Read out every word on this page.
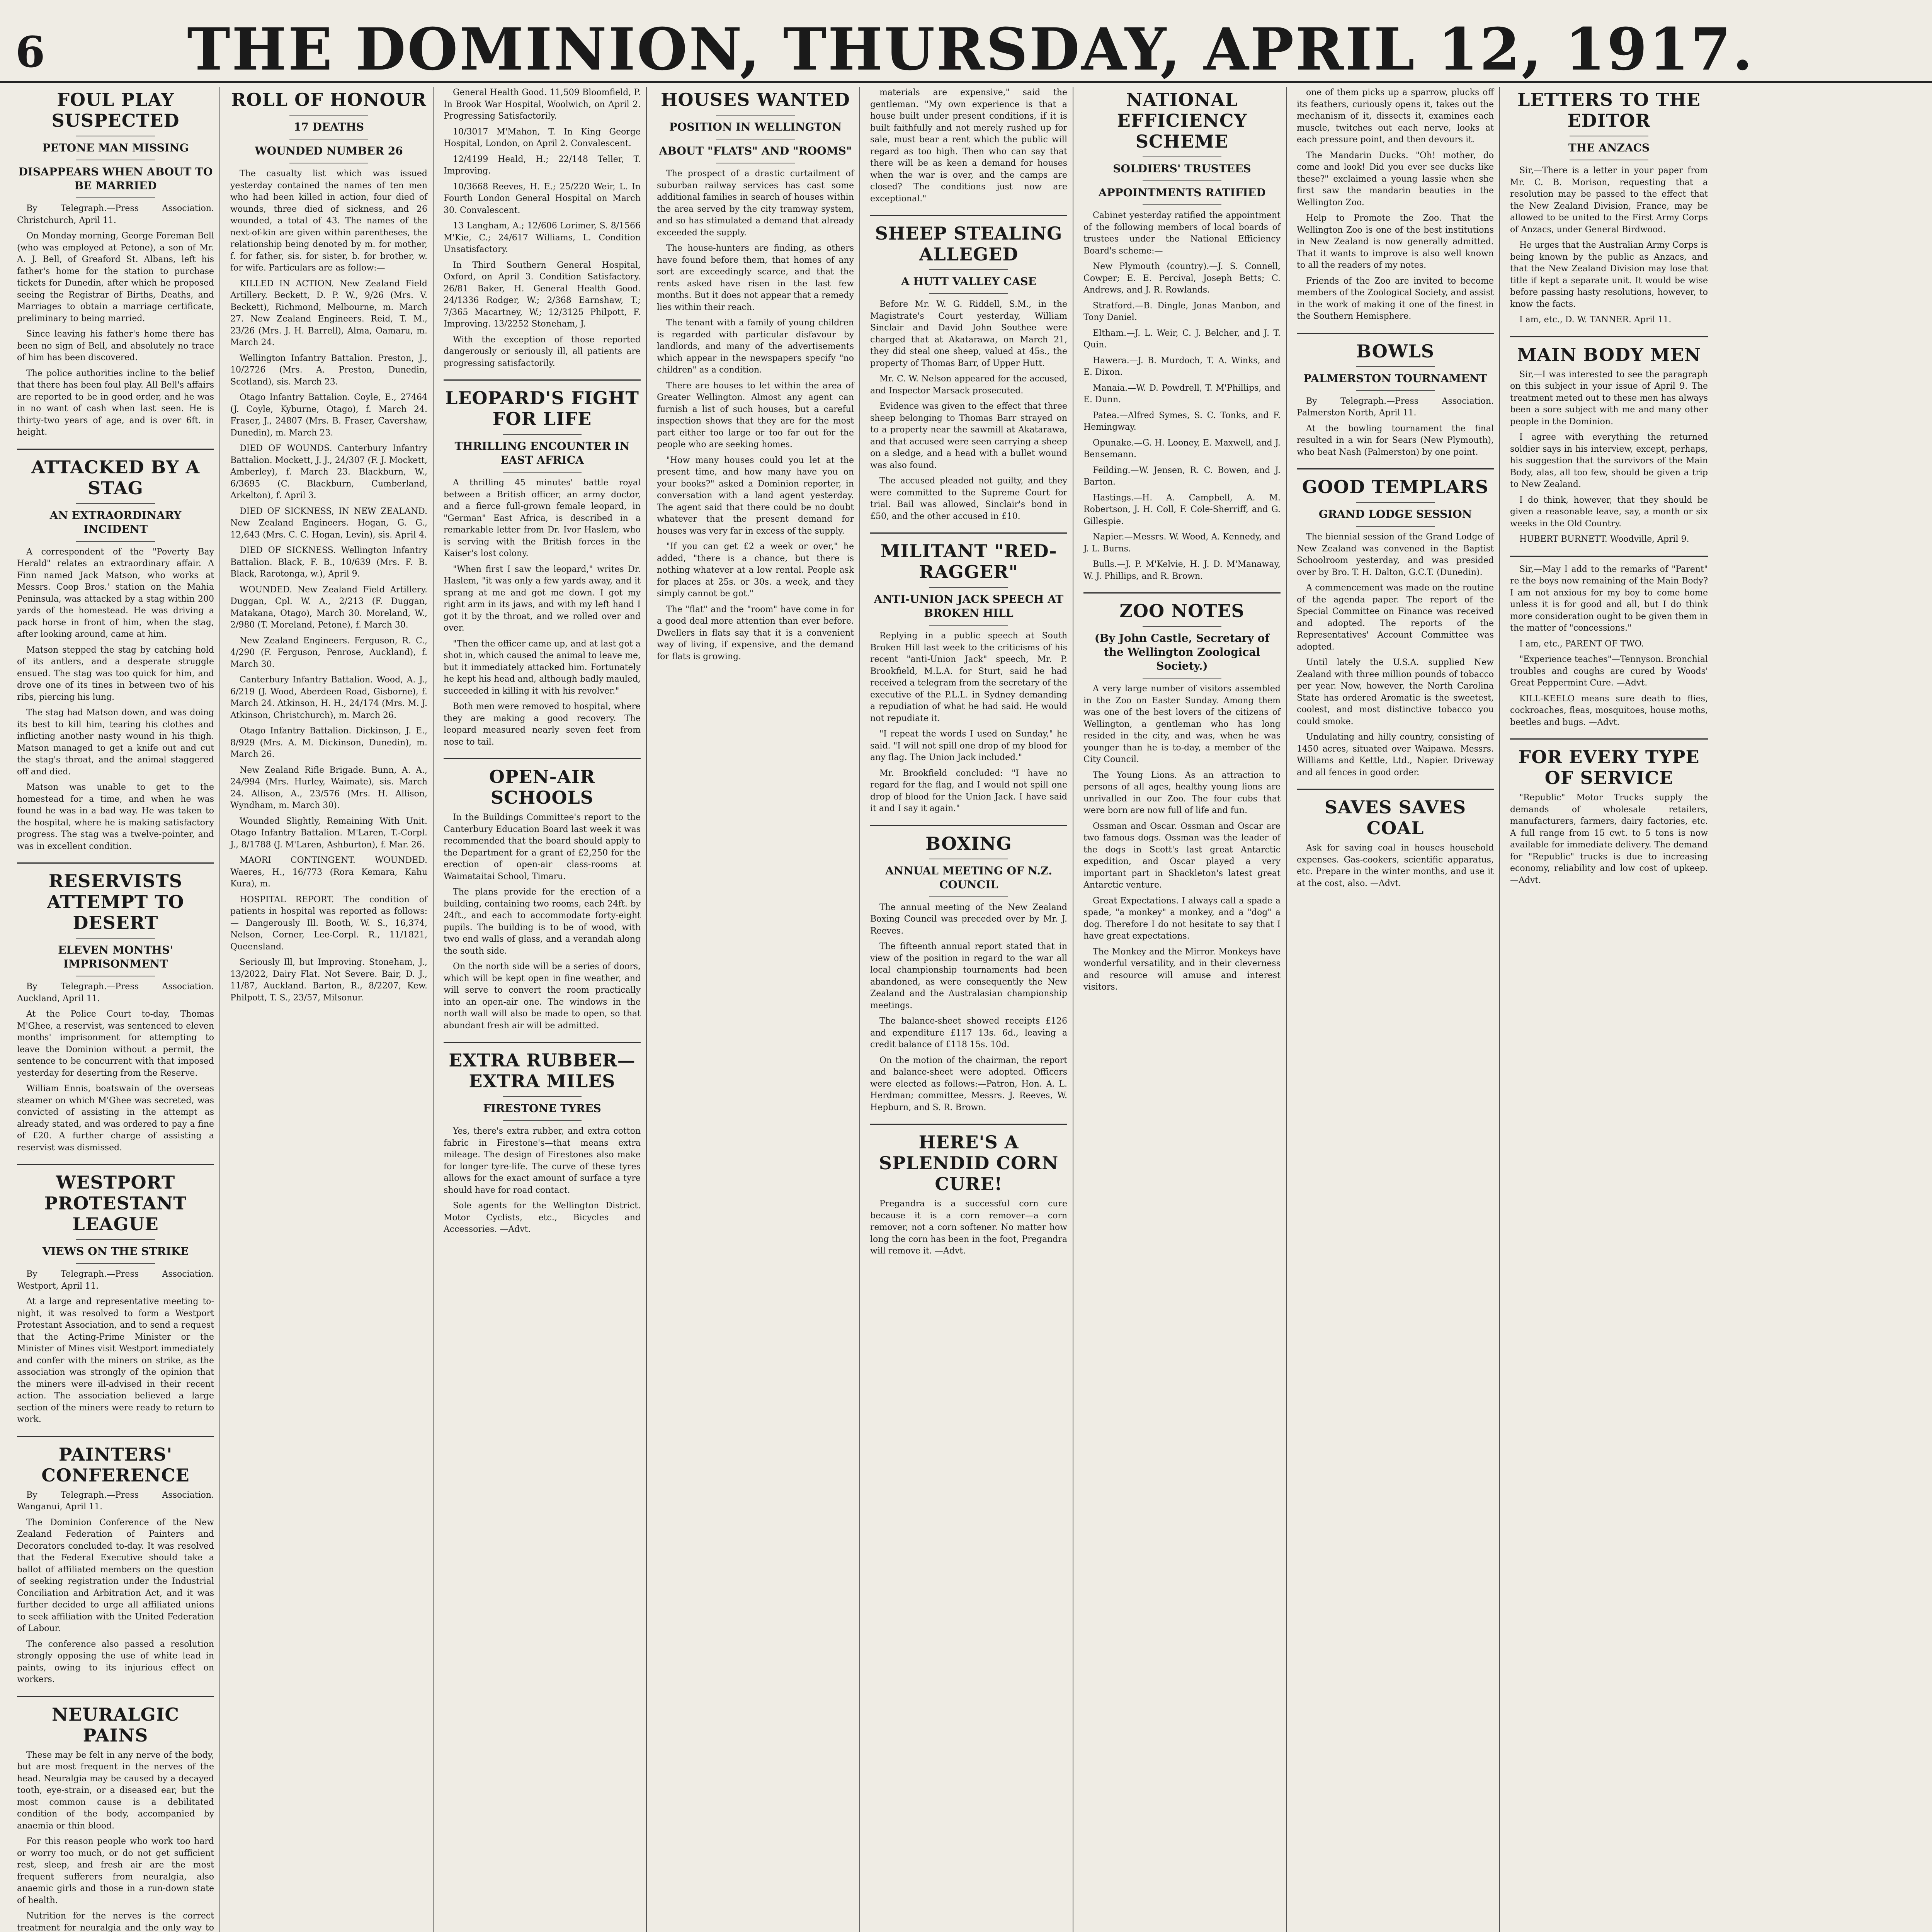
6	THE DOMINION, THURSDAY, APRIL 12, 1917.
FOUL PLAY SUSPECTED
PETONE MAN MISSING
DISAPPEARS WHEN ABOUT TO BE MARRIED

By Telegraph.—Press Association. Christchurch, April 11.

On Monday morning, George Foreman Bell (who was employed at Petone), a son of Mr. A. J. Bell, of Greaford St. Albans, left his father's home for the station to purchase tickets for Dunedin, after which he proposed seeing the Registrar of Births, Deaths, and Marriages to obtain a marriage certificate, preliminary to being married.

Since leaving his father's home there has been no sign of Bell, and absolutely no trace of him has been discovered.

The police authorities incline to the belief that there has been foul play. All Bell's affairs are reported to be in good order, and he was in no want of cash when last seen. He is thirty-two years of age, and is over 6ft. in height.

ATTACKED BY A STAG
AN EXTRAORDINARY INCIDENT

A correspondent of the "Poverty Bay Herald" relates an extraordinary affair. A Finn named Jack Matson, who works at Messrs. Coop Bros.' station on the Mahia Peninsula, was attacked by a stag within 200 yards of the homestead. He was driving a pack horse in front of him, when the stag, after looking around, came at him.

Matson stepped the stag by catching hold of its antlers, and a desperate struggle ensued. The stag was too quick for him, and drove one of its tines in between two of his ribs, piercing his lung.

The stag had Matson down, and was doing its best to kill him, tearing his clothes and inflicting another nasty wound in his thigh. Matson managed to get a knife out and cut the stag's throat, and the animal staggered off and died.

Matson was unable to get to the homestead for a time, and when he was found he was in a bad way. He was taken to the hospital, where he is making satisfactory progress. The stag was a twelve-pointer, and was in excellent condition.

RESERVISTS ATTEMPT TO DESERT
ELEVEN MONTHS' IMPRISONMENT

By Telegraph.—Press Association. Auckland, April 11.

At the Police Court to-day, Thomas M'Ghee, a reservist, was sentenced to eleven months' imprisonment for attempting to leave the Dominion without a permit, the sentence to be concurrent with that imposed yesterday for deserting from the Reserve.

William Ennis, boatswain of the overseas steamer on which M'Ghee was secreted, was convicted of assisting in the attempt as already stated, and was ordered to pay a fine of £20. A further charge of assisting a reservist was dismissed.

WESTPORT PROTESTANT LEAGUE
VIEWS ON THE STRIKE

By Telegraph.—Press Association. Westport, April 11.

At a large and representative meeting to-night, it was resolved to form a Westport Protestant Association, and to send a request that the Acting-Prime Minister or the Minister of Mines visit Westport immediately and confer with the miners on strike, as the association was strongly of the opinion that the miners were ill-advised in their recent action. The association believed a large section of the miners were ready to return to work.

PAINTERS' CONFERENCE

By Telegraph.—Press Association. Wanganui, April 11.

The Dominion Conference of the New Zealand Federation of Painters and Decorators concluded to-day. It was resolved that the Federal Executive should take a ballot of affiliated members on the question of seeking registration under the Industrial Conciliation and Arbitration Act, and it was further decided to urge all affiliated unions to seek affiliation with the United Federation of Labour.

The conference also passed a resolution strongly opposing the use of white lead in paints, owing to its injurious effect on workers.

NEURALGIC PAINS

These may be felt in any nerve of the body, but are most frequent in the nerves of the head. Neuralgia may be caused by a decayed tooth, eye-strain, or a diseased ear, but the most common cause is a debilitated condition of the body, accompanied by anaemia or thin blood.

For this reason people who work too hard or worry too much, or do not get sufficient rest, sleep, and fresh air are the most frequent sufferers from neuralgia, also anaemic girls and those in a run-down state of health.

Nutrition for the nerves is the correct treatment for neuralgia and the only way to

ROLL OF HONOUR
17 DEATHS
WOUNDED NUMBER 26

The casualty list which was issued yesterday contained the names of ten men who had been killed in action, four died of wounds, three died of sickness, and 26 wounded, a total of 43. The names of the next-of-kin are given within parentheses, the relationship being denoted by m. for mother, f. for father, sis. for sister, b. for brother, w. for wife. Particulars are as follow:—

KILLED IN ACTION. New Zealand Field Artillery. Beckett, D. P. W., 9/26 (Mrs. V. Beckett), Richmond, Melbourne, m. March 27. New Zealand Engineers. Reid, T. M., 23/26 (Mrs. J. H. Barrell), Alma, Oamaru, m. March 24.

Wellington Infantry Battalion. Preston, J., 10/2726 (Mrs. A. Preston, Dunedin, Scotland), sis. March 23.

Otago Infantry Battalion. Coyle, E., 27464 (J. Coyle, Kyburne, Otago), f. March 24. Fraser, J., 24807 (Mrs. B. Fraser, Cavershaw, Dunedin), m. March 23.

DIED OF WOUNDS. Canterbury Infantry Battalion. Mockett, J. J., 24/307 (F. J. Mockett, Amberley), f. March 23. Blackburn, W., 6/3695 (C. Blackburn, Cumberland, Arkelton), f. April 3.

DIED OF SICKNESS, IN NEW ZEALAND. New Zealand Engineers. Hogan, G. G., 12,643 (Mrs. C. C. Hogan, Levin), sis. April 4.

DIED OF SICKNESS. Wellington Infantry Battalion. Black, F. B., 10/639 (Mrs. F. B. Black, Rarotonga, w.), April 9.

WOUNDED. New Zealand Field Artillery. Duggan, Cpl. W. A., 2/213 (F. Duggan, Matakana, Otago), March 30. Moreland, W., 2/980 (T. Moreland, Petone), f. March 30.

New Zealand Engineers. Ferguson, R. C., 4/290 (F. Ferguson, Penrose, Auckland), f. March 30.

Canterbury Infantry Battalion. Wood, A. J., 6/219 (J. Wood, Aberdeen Road, Gisborne), f. March 24. Atkinson, H. H., 24/174 (Mrs. M. J. Atkinson, Christchurch), m. March 26.

Otago Infantry Battalion. Dickinson, J. E., 8/929 (Mrs. A. M. Dickinson, Dunedin), m. March 26.

New Zealand Rifle Brigade. Bunn, A. A., 24/994 (Mrs. Hurley, Waimate), sis. March 24. Allison, A., 23/576 (Mrs. H. Allison, Wyndham, m. March 30).

Wounded Slightly, Remaining With Unit. Otago Infantry Battalion. M'Laren, T.-Corpl. J., 8/1788 (J. M'Laren, Ashburton), f. Mar. 26.

MAORI CONTINGENT. WOUNDED. Waeres, H., 16/773 (Rora Kemara, Kahu Kura), m.

HOSPITAL REPORT. The condition of patients in hospital was reported as follows:— Dangerously Ill. Booth, W. S., 16,374, Nelson, Corner, Lee-Corpl. R., 11/1821, Queensland.

Seriously Ill, but Improving. Stoneham, J., 13/2022, Dairy Flat. Not Severe. Bair, D. J., 11/87, Auckland. Barton, R., 8/2207, Kew. Philpott, T. S., 23/57, Milsonur.

General Health Good. 11,509 Bloomfield, P. In Brook War Hospital, Woolwich, on April 2. Progressing Satisfactorily.

10/3017 M'Mahon, T. In King George Hospital, London, on April 2. Convalescent.

12/4199 Heald, H.; 22/148 Teller, T. Improving.

10/3668 Reeves, H. E.; 25/220 Weir, L. In Fourth London General Hospital on March 30. Convalescent.

13 Langham, A.; 12/606 Lorimer, S. 8/1566 M'Kie, C.; 24/617 Williams, L. Condition Unsatisfactory.

In Third Southern General Hospital, Oxford, on April 3. Condition Satisfactory. 26/81 Baker, H. General Health Good. 24/1336 Rodger, W.; 2/368 Earnshaw, T.; 7/365 Macartney, W.; 12/3125 Philpott, F. Improving. 13/2252 Stoneham, J.

With the exception of those reported dangerously or seriously ill, all patients are progressing satisfactorily.

LEOPARD'S FIGHT FOR LIFE
THRILLING ENCOUNTER IN EAST AFRICA

A thrilling 45 minutes' battle royal between a British officer, an army doctor, and a fierce full-grown female leopard, in "German" East Africa, is described in a remarkable letter from Dr. Ivor Haslem, who is serving with the British forces in the Kaiser's lost colony.

"When first I saw the leopard," writes Dr. Haslem, "it was only a few yards away, and it sprang at me and got me down. I got my right arm in its jaws, and with my left hand I got it by the throat, and we rolled over and over.

"Then the officer came up, and at last got a shot in, which caused the animal to leave me, but it immediately attacked him. Fortunately he kept his head and, although badly mauled, succeeded in killing it with his revolver."

Both men were removed to hospital, where they are making a good recovery. The leopard measured nearly seven feet from nose to tail.

OPEN-AIR SCHOOLS

In the Buildings Committee's report to the Canterbury Education Board last week it was recommended that the board should apply to the Department for a grant of £2,250 for the erection of open-air class-rooms at Waimataitai School, Timaru.

The plans provide for the erection of a building, containing two rooms, each 24ft. by 24ft., and each to accommodate forty-eight pupils. The building is to be of wood, with two end walls of glass, and a verandah along the south side.

On the north side will be a series of doors, which will be kept open in fine weather, and will serve to convert the room practically into an open-air one. The windows in the north wall will also be made to open, so that abundant fresh air will be admitted.

EXTRA RUBBER—EXTRA MILES
FIRESTONE TYRES

Yes, there's extra rubber, and extra cotton fabric in Firestone's—that means extra mileage. The design of Firestones also make for longer tyre-life. The curve of these tyres allows for the exact amount of surface a tyre should have for road contact.

Sole agents for the Wellington District. Motor Cyclists, etc., Bicycles and Accessories. —Advt.

HOUSES WANTED
POSITION IN WELLINGTON
ABOUT "FLATS" AND "ROOMS"

The prospect of a drastic curtailment of suburban railway services has cast some additional families in search of houses within the area served by the city tramway system, and so has stimulated a demand that already exceeded the supply.

The house-hunters are finding, as others have found before them, that homes of any sort are exceedingly scarce, and that the rents asked have risen in the last few months. But it does not appear that a remedy lies within their reach.

The tenant with a family of young children is regarded with particular disfavour by landlords, and many of the advertisements which appear in the newspapers specify "no children" as a condition.

There are houses to let within the area of Greater Wellington. Almost any agent can furnish a list of such houses, but a careful inspection shows that they are for the most part either too large or too far out for the people who are seeking homes.

"How many houses could you let at the present time, and how many have you on your books?" asked a Dominion reporter, in conversation with a land agent yesterday. The agent said that there could be no doubt whatever that the present demand for houses was very far in excess of the supply.

"If you can get £2 a week or over," he added, "there is a chance, but there is nothing whatever at a low rental. People ask for places at 25s. or 30s. a week, and they simply cannot be got."

The "flat" and the "room" have come in for a good deal more attention than ever before. Dwellers in flats say that it is a convenient way of living, if expensive, and the demand for flats is growing.

materials are expensive," said the gentleman. "My own experience is that a house built under present conditions, if it is built faithfully and not merely rushed up for sale, must bear a rent which the public will regard as too high. Then who can say that there will be as keen a demand for houses when the war is over, and the camps are closed? The conditions just now are exceptional."

SHEEP STEALING ALLEGED
A HUTT VALLEY CASE

Before Mr. W. G. Riddell, S.M., in the Magistrate's Court yesterday, William Sinclair and David John Southee were charged that at Akatarawa, on March 21, they did steal one sheep, valued at 45s., the property of Thomas Barr, of Upper Hutt.

Mr. C. W. Nelson appeared for the accused, and Inspector Marsack prosecuted.

Evidence was given to the effect that three sheep belonging to Thomas Barr strayed on to a property near the sawmill at Akatarawa, and that accused were seen carrying a sheep on a sledge, and a head with a bullet wound was also found.

The accused pleaded not guilty, and they were committed to the Supreme Court for trial. Bail was allowed, Sinclair's bond in £50, and the other accused in £10.

MILITANT "RED-RAGGER"
ANTI-UNION JACK SPEECH AT BROKEN HILL

Replying in a public speech at South Broken Hill last week to the criticisms of his recent "anti-Union Jack" speech, Mr. P. Brookfield, M.L.A. for Sturt, said he had received a telegram from the secretary of the executive of the P.L.L. in Sydney demanding a repudiation of what he had said. He would not repudiate it.

"I repeat the words I used on Sunday," he said. "I will not spill one drop of my blood for any flag. The Union Jack included."

Mr. Brookfield concluded: "I have no regard for the flag, and I would not spill one drop of blood for the Union Jack. I have said it and I say it again."

BOXING
ANNUAL MEETING OF N.Z. COUNCIL

The annual meeting of the New Zealand Boxing Council was preceded over by Mr. J. Reeves.

The fifteenth annual report stated that in view of the position in regard to the war all local championship tournaments had been abandoned, as were consequently the New Zealand and the Australasian championship meetings.

The balance-sheet showed receipts £126 and expenditure £117 13s. 6d., leaving a credit balance of £118 15s. 10d.

On the motion of the chairman, the report and balance-sheet were adopted. Officers were elected as follows:—Patron, Hon. A. L. Herdman; committee, Messrs. J. Reeves, W. Hepburn, and S. R. Brown.

HERE'S A SPLENDID CORN CURE!

Pregandra is a successful corn cure because it is a corn remover—a corn remover, not a corn softener. No matter how long the corn has been in the foot, Pregandra will remove it. —Advt.

NATIONAL EFFICIENCY SCHEME
SOLDIERS' TRUSTEES
APPOINTMENTS RATIFIED

Cabinet yesterday ratified the appointment of the following members of local boards of trustees under the National Efficiency Board's scheme:—

New Plymouth (country).—J. S. Connell, Cowper; E. E. Percival, Joseph Betts; C. Andrews, and J. R. Rowlands.

Stratford.—B. Dingle, Jonas Manbon, and Tony Daniel.

Eltham.—J. L. Weir, C. J. Belcher, and J. T. Quin.

Hawera.—J. B. Murdoch, T. A. Winks, and E. Dixon.

Manaia.—W. D. Powdrell, T. M'Phillips, and E. Dunn.

Patea.—Alfred Symes, S. C. Tonks, and F. Hemingway.

Opunake.—G. H. Looney, E. Maxwell, and J. Bensemann.

Feilding.—W. Jensen, R. C. Bowen, and J. Barton.

Hastings.—H. A. Campbell, A. M. Robertson, J. H. Coll, F. Cole-Sherriff, and G. Gillespie.

Napier.—Messrs. W. Wood, A. Kennedy, and J. L. Burns.

Bulls.—J. P. M'Kelvie, H. J. D. M'Manaway, W. J. Phillips, and R. Brown.

ZOO NOTES
(By John Castle, Secretary of the Wellington Zoological Society.)

A very large number of visitors assembled in the Zoo on Easter Sunday. Among them was one of the best lovers of the citizens of Wellington, a gentleman who has long resided in the city, and was, when he was younger than he is to-day, a member of the City Council.

The Young Lions. As an attraction to persons of all ages, healthy young lions are unrivalled in our Zoo. The four cubs that were born are now full of life and fun.

Ossman and Oscar. Ossman and Oscar are two famous dogs. Ossman was the leader of the dogs in Scott's last great Antarctic expedition, and Oscar played a very important part in Shackleton's latest great Antarctic venture.

Great Expectations. I always call a spade a spade, "a monkey" a monkey, and a "dog" a dog. Therefore I do not hesitate to say that I have great expectations.

The Monkey and the Mirror. Monkeys have wonderful versatility, and in their cleverness and resource will amuse and interest visitors.

one of them picks up a sparrow, plucks off its feathers, curiously opens it, takes out the mechanism of it, dissects it, examines each muscle, twitches out each nerve, looks at each pressure point, and then devours it.

The Mandarin Ducks. "Oh! mother, do come and look! Did you ever see ducks like these?" exclaimed a young lassie when she first saw the mandarin beauties in the Wellington Zoo.

Help to Promote the Zoo. That the Wellington Zoo is one of the best institutions in New Zealand is now generally admitted. That it wants to improve is also well known to all the readers of my notes.

Friends of the Zoo are invited to become members of the Zoological Society, and assist in the work of making it one of the finest in the Southern Hemisphere.

BOWLS
PALMERSTON TOURNAMENT

By Telegraph.—Press Association. Palmerston North, April 11.

At the bowling tournament the final resulted in a win for Sears (New Plymouth), who beat Nash (Palmerston) by one point.

GOOD TEMPLARS
GRAND LODGE SESSION

The biennial session of the Grand Lodge of New Zealand was convened in the Baptist Schoolroom yesterday, and was presided over by Bro. T. H. Dalton, G.C.T. (Dunedin).

A commencement was made on the routine of the agenda paper. The report of the Special Committee on Finance was received and adopted. The reports of the Representatives' Account Committee was adopted.

Until lately the U.S.A. supplied New Zealand with three million pounds of tobacco per year. Now, however, the North Carolina State has ordered Aromatic is the sweetest, coolest, and most distinctive tobacco you could smoke.

Undulating and hilly country, consisting of 1450 acres, situated over Waipawa. Messrs. Williams and Kettle, Ltd., Napier. Driveway and all fences in good order.

SAVES SAVES COAL

Ask for saving coal in houses household expenses. Gas-cookers, scientific apparatus, etc. Prepare in the winter months, and use it at the cost, also. —Advt.

LETTERS TO THE EDITOR
THE ANZACS

Sir,—There is a letter in your paper from Mr. C. B. Morison, requesting that a resolution may be passed to the effect that the New Zealand Division, France, may be allowed to be united to the First Army Corps of Anzacs, under General Birdwood.

He urges that the Australian Army Corps is being known by the public as Anzacs, and that the New Zealand Division may lose that title if kept a separate unit. It would be wise before passing hasty resolutions, however, to know the facts.

I am, etc., D. W. TANNER. April 11.

MAIN BODY MEN

Sir,—I was interested to see the paragraph on this subject in your issue of April 9. The treatment meted out to these men has always been a sore subject with me and many other people in the Dominion.

I agree with everything the returned soldier says in his interview, except, perhaps, his suggestion that the survivors of the Main Body, alas, all too few, should be given a trip to New Zealand.

I do think, however, that they should be given a reasonable leave, say, a month or six weeks in the Old Country.

HUBERT BURNETT. Woodville, April 9.

Sir,—May I add to the remarks of "Parent" re the boys now remaining of the Main Body? I am not anxious for my boy to come home unless it is for good and all, but I do think more consideration ought to be given them in the matter of "concessions."

I am, etc., PARENT OF TWO.

"Experience teaches"—Tennyson. Bronchial troubles and coughs are cured by Woods' Great Peppermint Cure. —Advt.

KILL-KEELO means sure death to flies, cockroaches, fleas, mosquitoes, house moths, beetles and bugs. —Advt.

FOR EVERY TYPE OF SERVICE

"Republic" Motor Trucks supply the demands of wholesale retailers, manufacturers, farmers, dairy factories, etc. A full range from 15 cwt. to 5 tons is now available for immediate delivery. The demand for "Republic" trucks is due to increasing economy, reliability and low cost of upkeep. —Advt.
